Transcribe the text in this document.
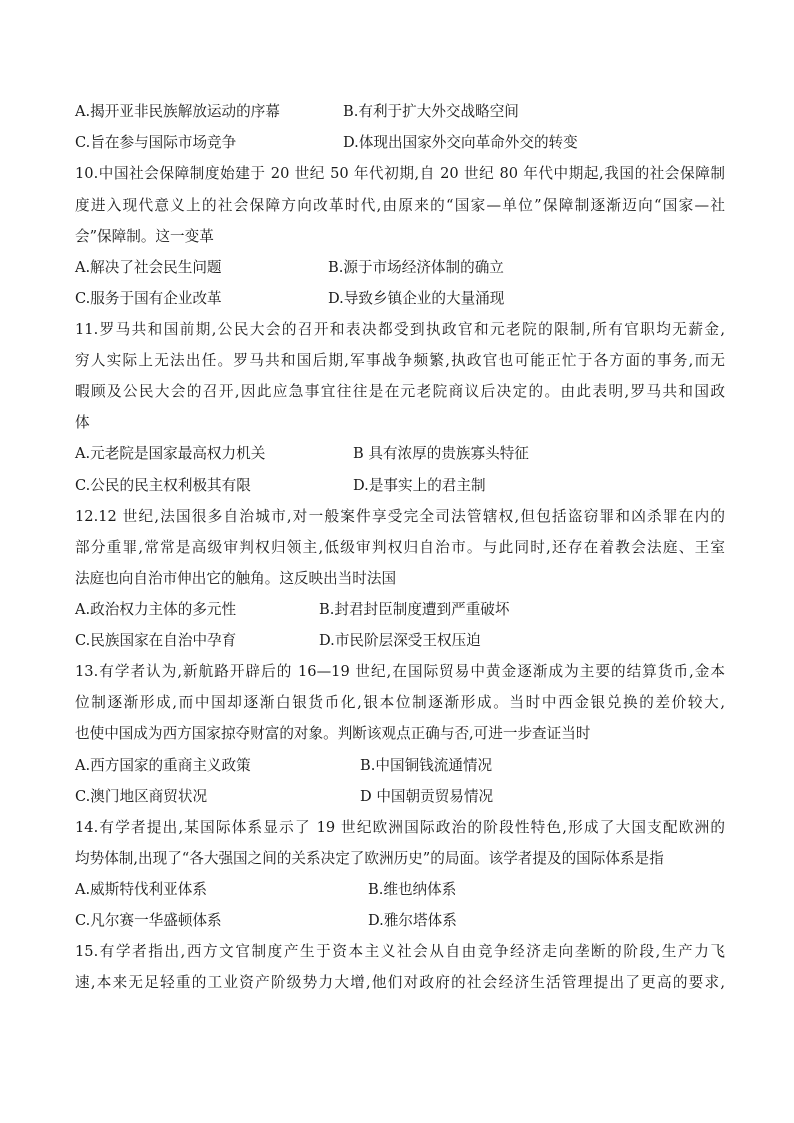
A.揭开亚非民族解放运动的序幕	B.有利于扩大外交战略空间
C.旨在参与国际市场竞争	D.体现出国家外交向革命外交的转变
10.中国社会保障制度始建于 20 世纪 50 年代初期,自 20 世纪 80 年代中期起,我国的社会保障制
度进入现代意义上的社会保障方向改革时代,由原来的“国家—单位”保障制逐渐迈向“国家—社
会”保障制。这一变革
A.解决了社会民生问题	B.源于市场经济体制的确立
C.服务于国有企业改革	D.导致乡镇企业的大量涌现
11.罗马共和国前期,公民大会的召开和表决都受到执政官和元老院的限制,所有官职均无薪金,
穷人实际上无法出任。罗马共和国后期,军事战争频繁,执政官也可能正忙于各方面的事务,而无
暇顾及公民大会的召开,因此应急事宜往往是在元老院商议后决定的。由此表明,罗马共和国政
体
A.元老院是国家最高权力机关	B 具有浓厚的贵族寡头特征
C.公民的民主权利极其有限	D.是事实上的君主制
12.12 世纪,法国很多自治城市,对一般案件享受完全司法管辖权,但包括盗窃罪和凶杀罪在内的
部分重罪,常常是高级审判权归领主,低级审判权归自治市。与此同时,还存在着教会法庭、王室
法庭也向自治市伸出它的触角。这反映出当时法国
A.政治权力主体的多元性	B.封君封臣制度遭到严重破坏
C.民族国家在自治中孕育	D.市民阶层深受王权压迫
13.有学者认为,新航路开辟后的 16—19 世纪,在国际贸易中黄金逐渐成为主要的结算货币,金本
位制逐渐形成,而中国却逐渐白银货币化,银本位制逐渐形成。当时中西金银兑换的差价较大,
也使中国成为西方国家掠夺财富的对象。判断该观点正确与否,可进一步查证当时
A.西方国家的重商主义政策	B.中国铜钱流通情况
C.澳门地区商贸状况	D 中国朝贡贸易情况
14.有学者提出,某国际体系显示了 19 世纪欧洲国际政治的阶段性特色,形成了大国支配欧洲的
均势体制,出现了“各大强国之间的关系决定了欧洲历史”的局面。该学者提及的国际体系是指
A.威斯特伐利亚体系	B.维也纳体系
C.凡尔赛一华盛顿体系	D.雅尔塔体系
15.有学者指出,西方文官制度产生于资本主义社会从自由竞争经济走向垄断的阶段,生产力飞
速,本来无足轻重的工业资产阶级势力大增,他们对政府的社会经济生活管理提出了更高的要求,
